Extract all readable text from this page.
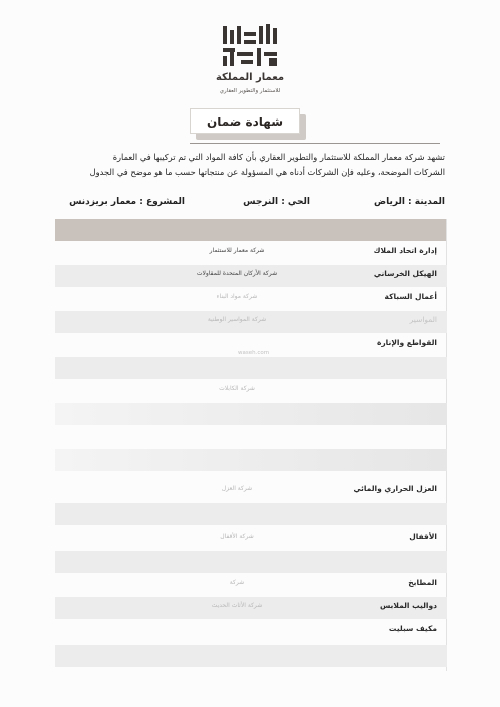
معمار المملكة
للاستثمار والتطوير العقاري
شهادة ضمان
تشهد شركة معمار المملكة للاستثمار والتطوير العقاري بأن كافة المواد التي تم تركيبها في العمارة
الشركات الموضحة، وعليه فإن الشركات أدناه هي المسؤولة عن منتجاتها حسب ما هو موضح في الجدول
المدينة : الرياض
الحي : النرجس
المشروع : معمار بريزدنس
إدارة اتحاد الملاك
شركة معمار للاستثمار
الهيكل الخرساني
شركة الأركان المتحدة للمقاولات
أعمال السباكة
شركة مواد البناء
المواسير
شركة المواسير الوطنية
القواطع والإنارة
شركة الكابلات
العزل الحراري والمائي
شركة العزل
الأقفال
شركة الأقفال
المطابخ
شركة
دواليب الملابس
شركة الأثاث الحديث
مكيف سبليت
waseh.com
